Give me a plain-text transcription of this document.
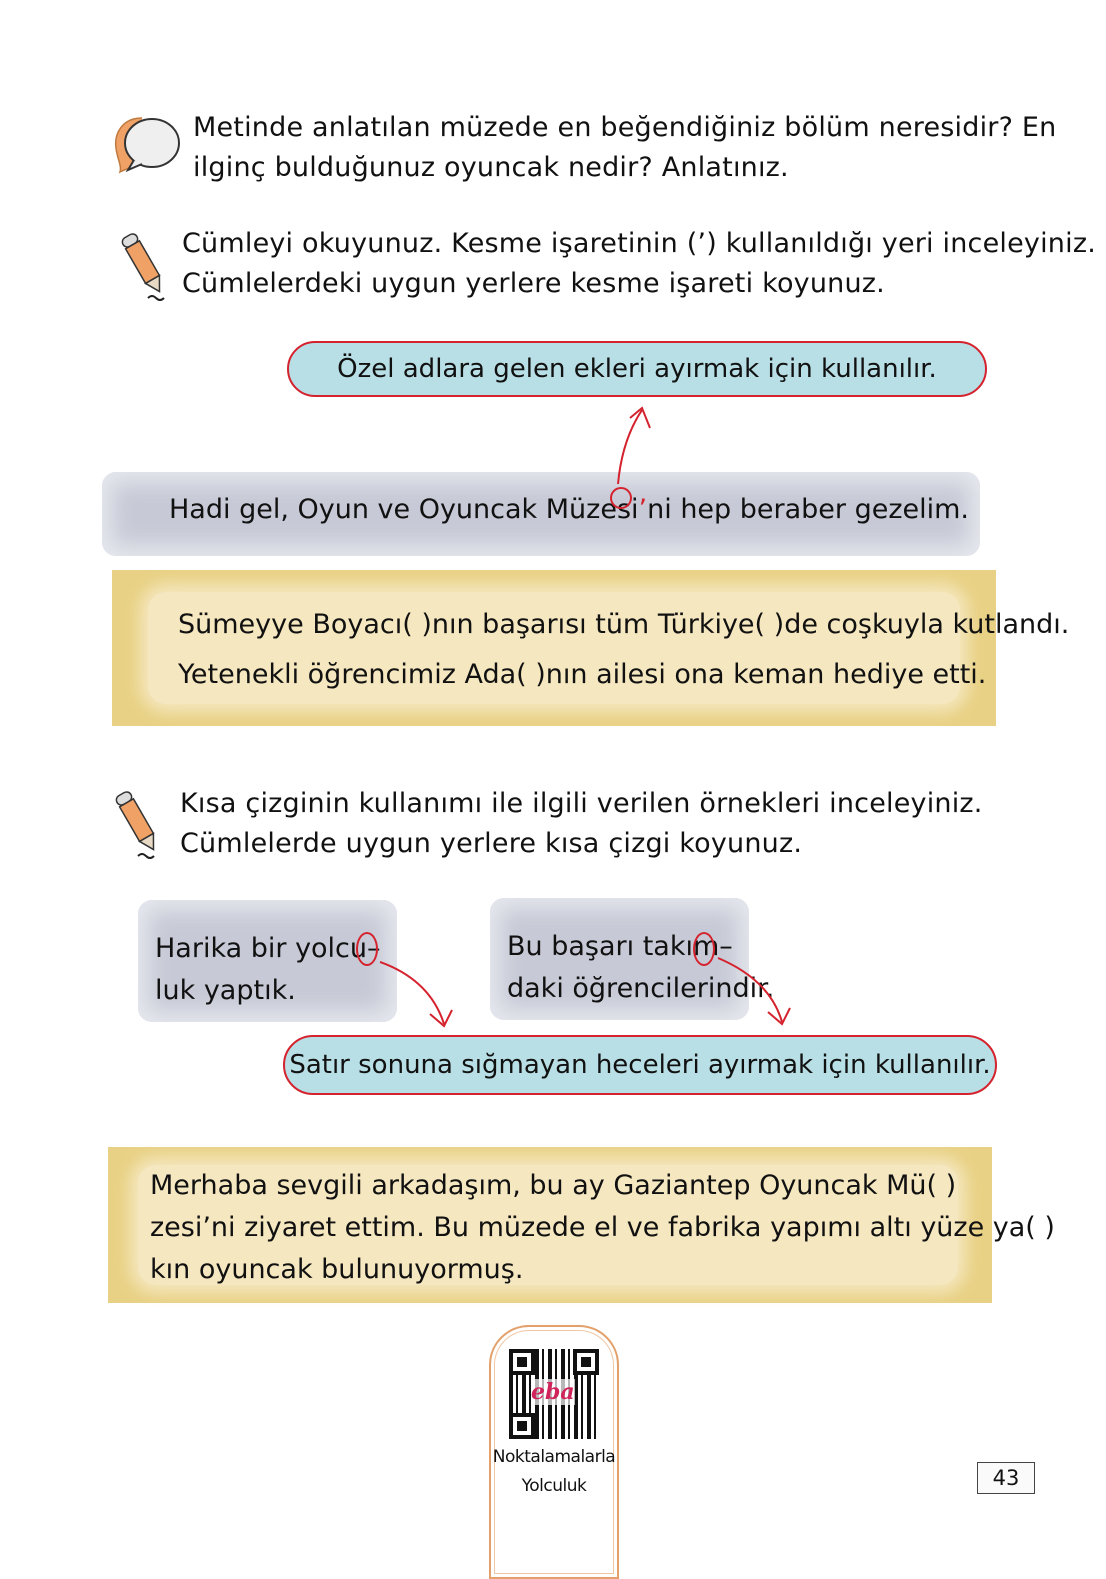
Metinde anlatılan müzede en beğendiğiniz bölüm neresidir? En
ilginç bulduğunuz oyuncak nedir? Anlatınız.
Cümleyi okuyunuz. Kesme işaretinin (’) kullanıldığı yeri inceleyiniz.
Cümlelerdeki uygun yerlere kesme işareti koyunuz.
Özel adlara gelen ekleri ayırmak için kullanılır.
Hadi gel, Oyun ve Oyuncak Müzesi’ni hep beraber gezelim.
Sümeyye Boyacı( )nın başarısı tüm Türkiye( )de coşkuyla kutlandı.
Yetenekli öğrencimiz Ada( )nın ailesi ona keman hediye etti.
Kısa çizginin kullanımı ile ilgili verilen örnekleri inceleyiniz.
Cümlelerde uygun yerlere kısa çizgi koyunuz.
Harika bir yolcu–
luk yaptık.
Bu başarı takım–
daki öğrencilerindir.
Satır sonuna sığmayan heceleri ayırmak için kullanılır.
Merhaba sevgili arkadaşım, bu ay Gaziantep Oyuncak Mü( )
zesi’ni ziyaret ettim. Bu müzede el ve fabrika yapımı altı yüze ya( )
kın oyuncak bulunuyormuş.
eba
Noktalamalarla
Yolculuk	43
